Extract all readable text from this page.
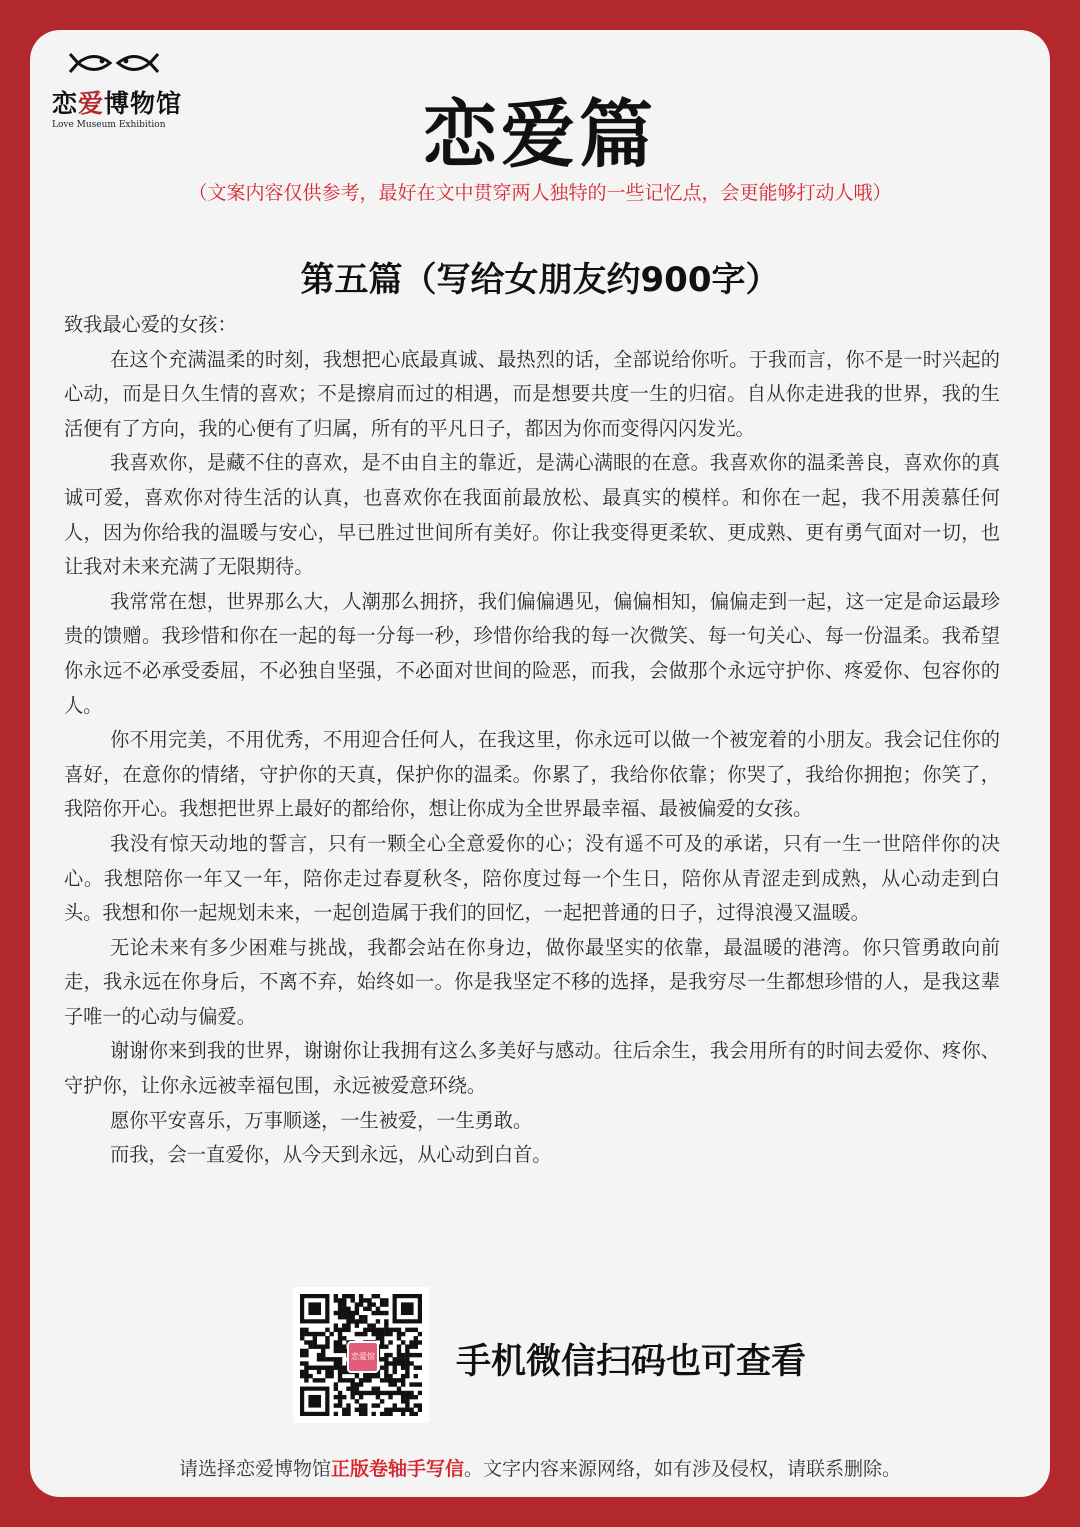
恋爱博物馆
Love Museum Exhibition	恋爱篇
（文案内容仅供参考，最好在文中贯穿两人独特的一些记忆点，会更能够打动人哦）
第五篇（写给女朋友约900字）

致我最心爱的女孩：

在这个充满温柔的时刻，我想把心底最真诚、最热烈的话，全部说给你听。于我而言，你不是一时兴起的心动，而是日久生情的喜欢；不是擦肩而过的相遇，而是想要共度一生的归宿。自从你走进我的世界，我的生活便有了方向，我的心便有了归属，所有的平凡日子，都因为你而变得闪闪发光。

我喜欢你，是藏不住的喜欢，是不由自主的靠近，是满心满眼的在意。我喜欢你的温柔善良，喜欢你的真诚可爱，喜欢你对待生活的认真，也喜欢你在我面前最放松、最真实的模样。和你在一起，我不用羡慕任何人，因为你给我的温暖与安心，早已胜过世间所有美好。你让我变得更柔软、更成熟、更有勇气面对一切，也让我对未来充满了无限期待。

我常常在想，世界那么大，人潮那么拥挤，我们偏偏遇见，偏偏相知，偏偏走到一起，这一定是命运最珍贵的馈赠。我珍惜和你在一起的每一分每一秒，珍惜你给我的每一次微笑、每一句关心、每一份温柔。我希望你永远不必承受委屈，不必独自坚强，不必面对世间的险恶，而我，会做那个永远守护你、疼爱你、包容你的人。

你不用完美，不用优秀，不用迎合任何人，在我这里，你永远可以做一个被宠着的小朋友。我会记住你的喜好，在意你的情绪，守护你的天真，保护你的温柔。你累了，我给你依靠；你哭了，我给你拥抱；你笑了，我陪你开心。我想把世界上最好的都给你，想让你成为全世界最幸福、最被偏爱的女孩。

我没有惊天动地的誓言，只有一颗全心全意爱你的心；没有遥不可及的承诺，只有一生一世陪伴你的决心。我想陪你一年又一年，陪你走过春夏秋冬，陪你度过每一个生日，陪你从青涩走到成熟，从心动走到白头。我想和你一起规划未来，一起创造属于我们的回忆，一起把普通的日子，过得浪漫又温暖。

无论未来有多少困难与挑战，我都会站在你身边，做你最坚实的依靠，最温暖的港湾。你只管勇敢向前走，我永远在你身后，不离不弃，始终如一。你是我坚定不移的选择，是我穷尽一生都想珍惜的人，是我这辈子唯一的心动与偏爱。

谢谢你来到我的世界，谢谢你让我拥有这么多美好与感动。往后余生，我会用所有的时间去爱你、疼你、守护你，让你永远被幸福包围，永远被爱意环绕。

愿你平安喜乐，万事顺遂，一生被爱，一生勇敢。

而我，会一直爱你，从今天到永远，从心动到白首。

恋爱馆 手机微信扫码也可查看
请选择恋爱博物馆正版卷轴手写信。文字内容来源网络，如有涉及侵权，请联系删除。
